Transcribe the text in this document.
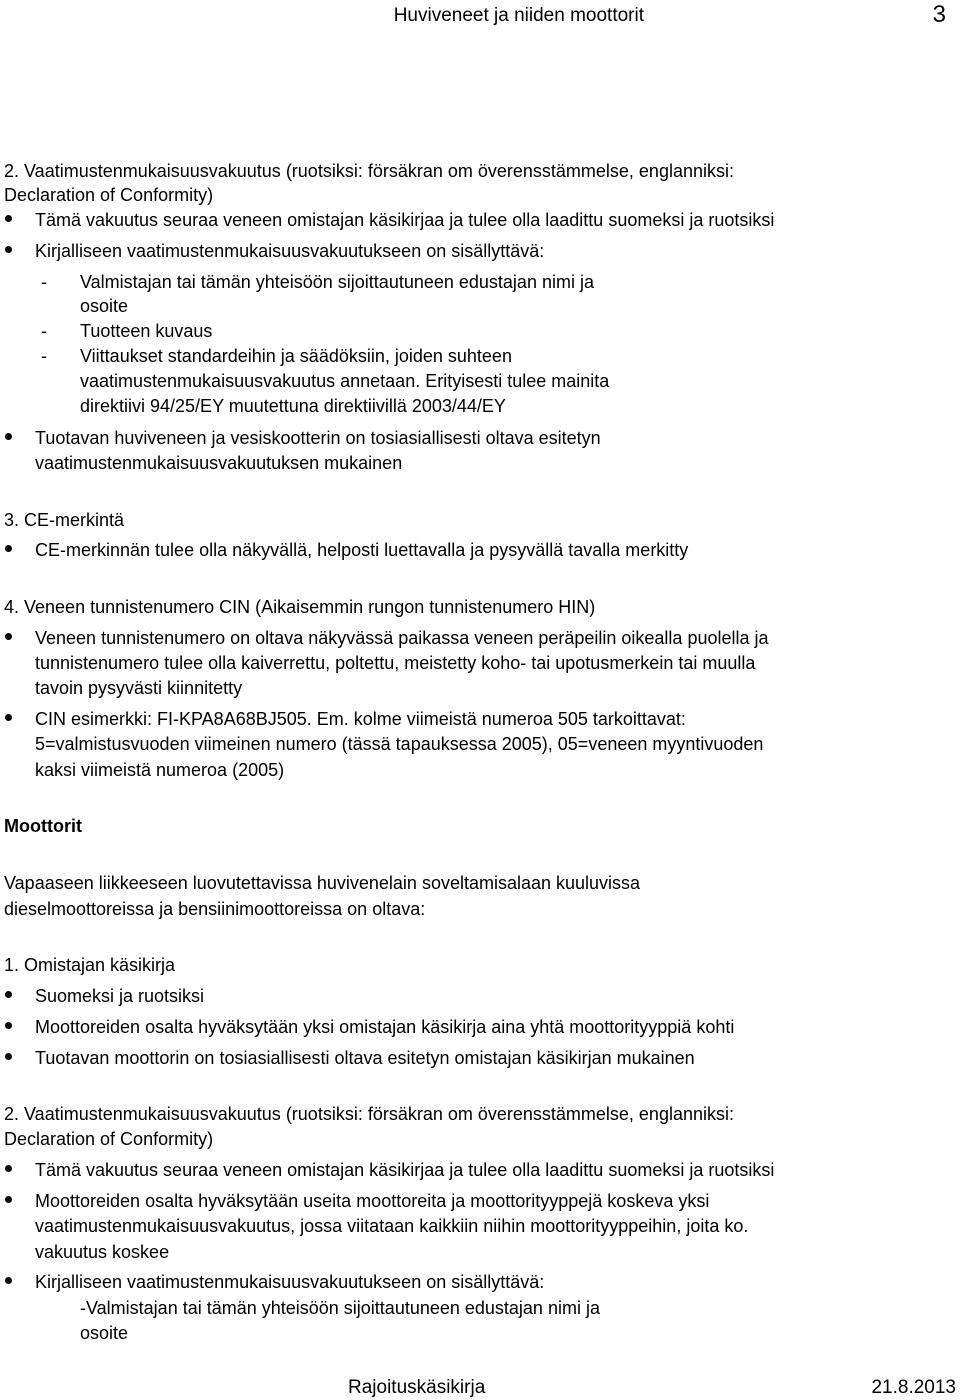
Huviveneet ja niiden moottorit	3
2. Vaatimustenmukaisuusvakuutus (ruotsiksi: försäkran om överensstämmelse, englanniksi:
Declaration of Conformity)
Tämä vakuutus seuraa veneen omistajan käsikirjaa ja tulee olla laadittu suomeksi ja ruotsiksi
Kirjalliseen vaatimustenmukaisuusvakuutukseen on sisällyttävä:
- Valmistajan tai tämän yhteisöön sijoittautuneen edustajan nimi ja
osoite
- Tuotteen kuvaus
- Viittaukset standardeihin ja säädöksiin, joiden suhteen
vaatimustenmukaisuusvakuutus annetaan. Erityisesti tulee mainita
direktiivi 94/25/EY muutettuna direktiivillä 2003/44/EY
Tuotavan huviveneen ja vesiskootterin on tosiasiallisesti oltava esitetyn
vaatimustenmukaisuusvakuutuksen mukainen
3. CE-merkintä
CE-merkinnän tulee olla näkyvällä, helposti luettavalla ja pysyvällä tavalla merkitty
4. Veneen tunnistenumero CIN (Aikaisemmin rungon tunnistenumero HIN)
Veneen tunnistenumero on oltava näkyvässä paikassa veneen peräpeilin oikealla puolella ja
tunnistenumero tulee olla kaiverrettu, poltettu, meistetty koho- tai upotusmerkein tai muulla
tavoin pysyvästi kiinnitetty
CIN esimerkki: FI-KPA8A68BJ505. Em. kolme viimeistä numeroa 505 tarkoittavat:
5=valmistusvuoden viimeinen numero (tässä tapauksessa 2005), 05=veneen myyntivuoden
kaksi viimeistä numeroa (2005)
Moottorit
Vapaaseen liikkeeseen luovutettavissa huvivenelain soveltamisalaan kuuluvissa
dieselmoottoreissa ja bensiinimoottoreissa on oltava:
1. Omistajan käsikirja
Suomeksi ja ruotsiksi
Moottoreiden osalta hyväksytään yksi omistajan käsikirja aina yhtä moottorityyppiä kohti
Tuotavan moottorin on tosiasiallisesti oltava esitetyn omistajan käsikirjan mukainen
2. Vaatimustenmukaisuusvakuutus (ruotsiksi: försäkran om överensstämmelse, englanniksi:
Declaration of Conformity)
Tämä vakuutus seuraa veneen omistajan käsikirjaa ja tulee olla laadittu suomeksi ja ruotsiksi
Moottoreiden osalta hyväksytään useita moottoreita ja moottorityyppejä koskeva yksi
vaatimustenmukaisuusvakuutus, jossa viitataan kaikkiin niihin moottorityyppeihin, joita ko.
vakuutus koskee
Kirjalliseen vaatimustenmukaisuusvakuutukseen on sisällyttävä:
-Valmistajan tai tämän yhteisöön sijoittautuneen edustajan nimi ja
osoite
Rajoituskäsikirja	21.8.2013
